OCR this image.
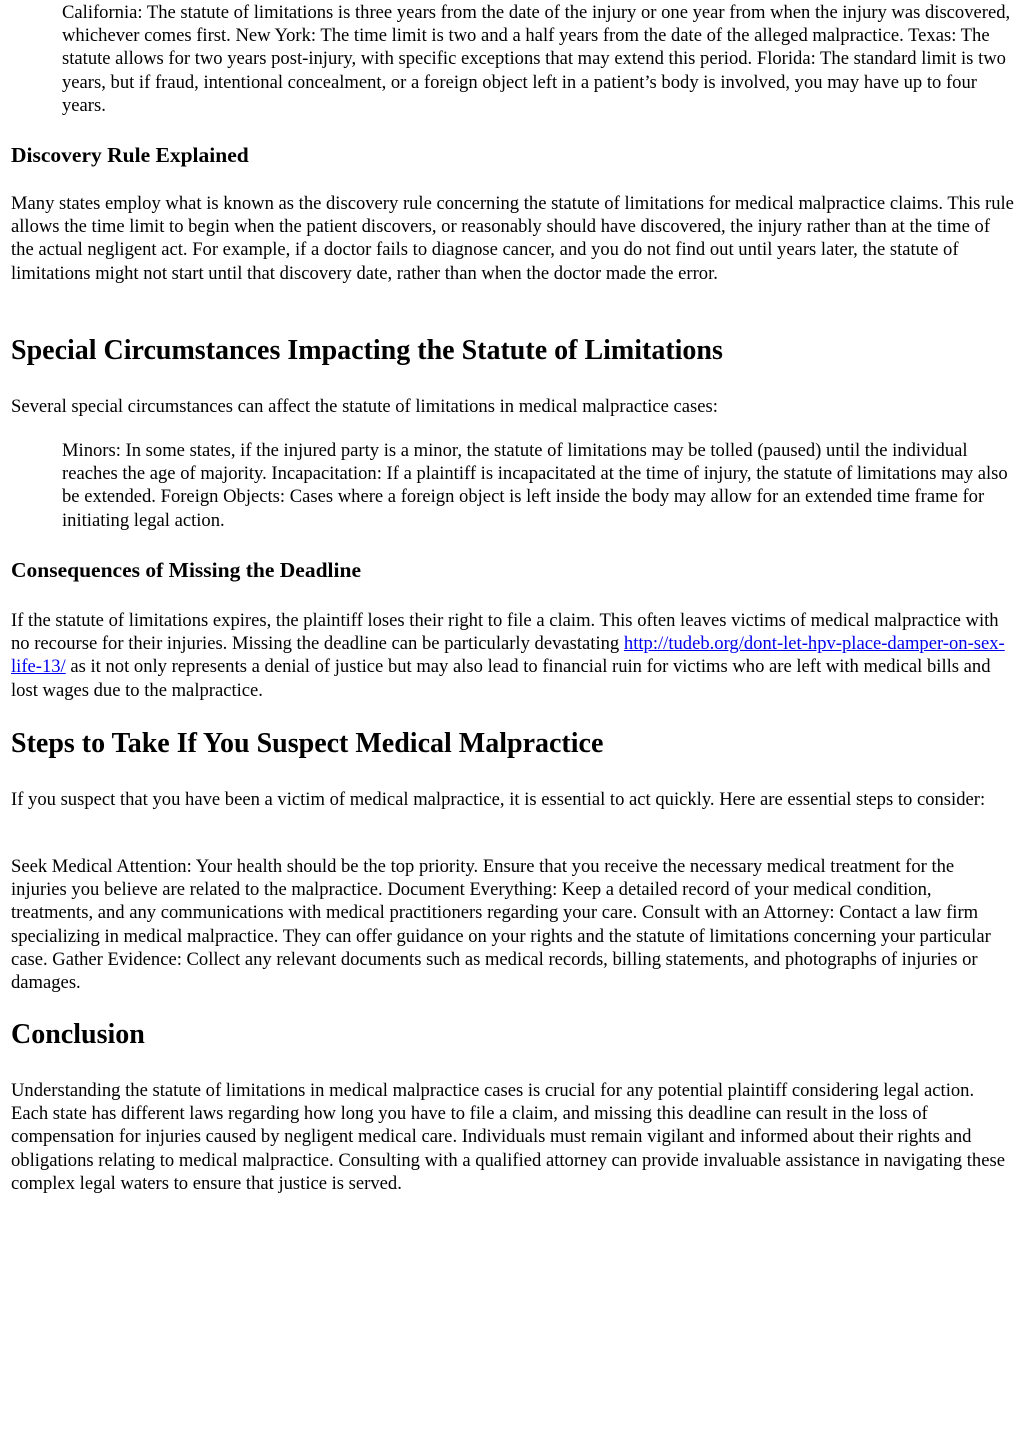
California: The statute of limitations is three years from the date of the injury or one year from when the injury was discovered, whichever comes first. New York: The time limit is two and a half years from the date of the alleged malpractice. Texas: The statute allows for two years post-injury, with specific exceptions that may extend this period. Florida: The standard limit is two years, but if fraud, intentional concealment, or a foreign object left in a patient’s body is involved, you may have up to four years.

Discovery Rule Explained

Many states employ what is known as the discovery rule concerning the statute of limitations for medical malpractice claims. This rule allows the time limit to begin when the patient discovers, or reasonably should have discovered, the injury rather than at the time of the actual negligent act. For example, if a doctor fails to diagnose cancer, and you do not find out until years later, the statute of limitations might not start until that discovery date, rather than when the doctor made the error.

Special Circumstances Impacting the Statute of Limitations

Several special circumstances can affect the statute of limitations in medical malpractice cases:

Minors: In some states, if the injured party is a minor, the statute of limitations may be tolled (paused) until the individual reaches the age of majority. Incapacitation: If a plaintiff is incapacitated at the time of injury, the statute of limitations may also be extended. Foreign Objects: Cases where a foreign object is left inside the body may allow for an extended time frame for initiating legal action.

Consequences of Missing the Deadline

If the statute of limitations expires, the plaintiff loses their right to file a claim. This often leaves victims of medical malpractice with no recourse for their injuries. Missing the deadline can be particularly devastating http://tudeb.org/dont-let-hpv-place-damper-on-sex-life-13/ as it not only represents a denial of justice but may also lead to financial ruin for victims who are left with medical bills and lost wages due to the malpractice.

Steps to Take If You Suspect Medical Malpractice

If you suspect that you have been a victim of medical malpractice, it is essential to act quickly. Here are essential steps to consider:

Seek Medical Attention: Your health should be the top priority. Ensure that you receive the necessary medical treatment for the injuries you believe are related to the malpractice. Document Everything: Keep a detailed record of your medical condition, treatments, and any communications with medical practitioners regarding your care. Consult with an Attorney: Contact a law firm specializing in medical malpractice. They can offer guidance on your rights and the statute of limitations concerning your particular case. Gather Evidence: Collect any relevant documents such as medical records, billing statements, and photographs of injuries or damages.

Conclusion

Understanding the statute of limitations in medical malpractice cases is crucial for any potential plaintiff considering legal action. Each state has different laws regarding how long you have to file a claim, and missing this deadline can result in the loss of compensation for injuries caused by negligent medical care. Individuals must remain vigilant and informed about their rights and obligations relating to medical malpractice. Consulting with a qualified attorney can provide invaluable assistance in navigating these complex legal waters to ensure that justice is served.
